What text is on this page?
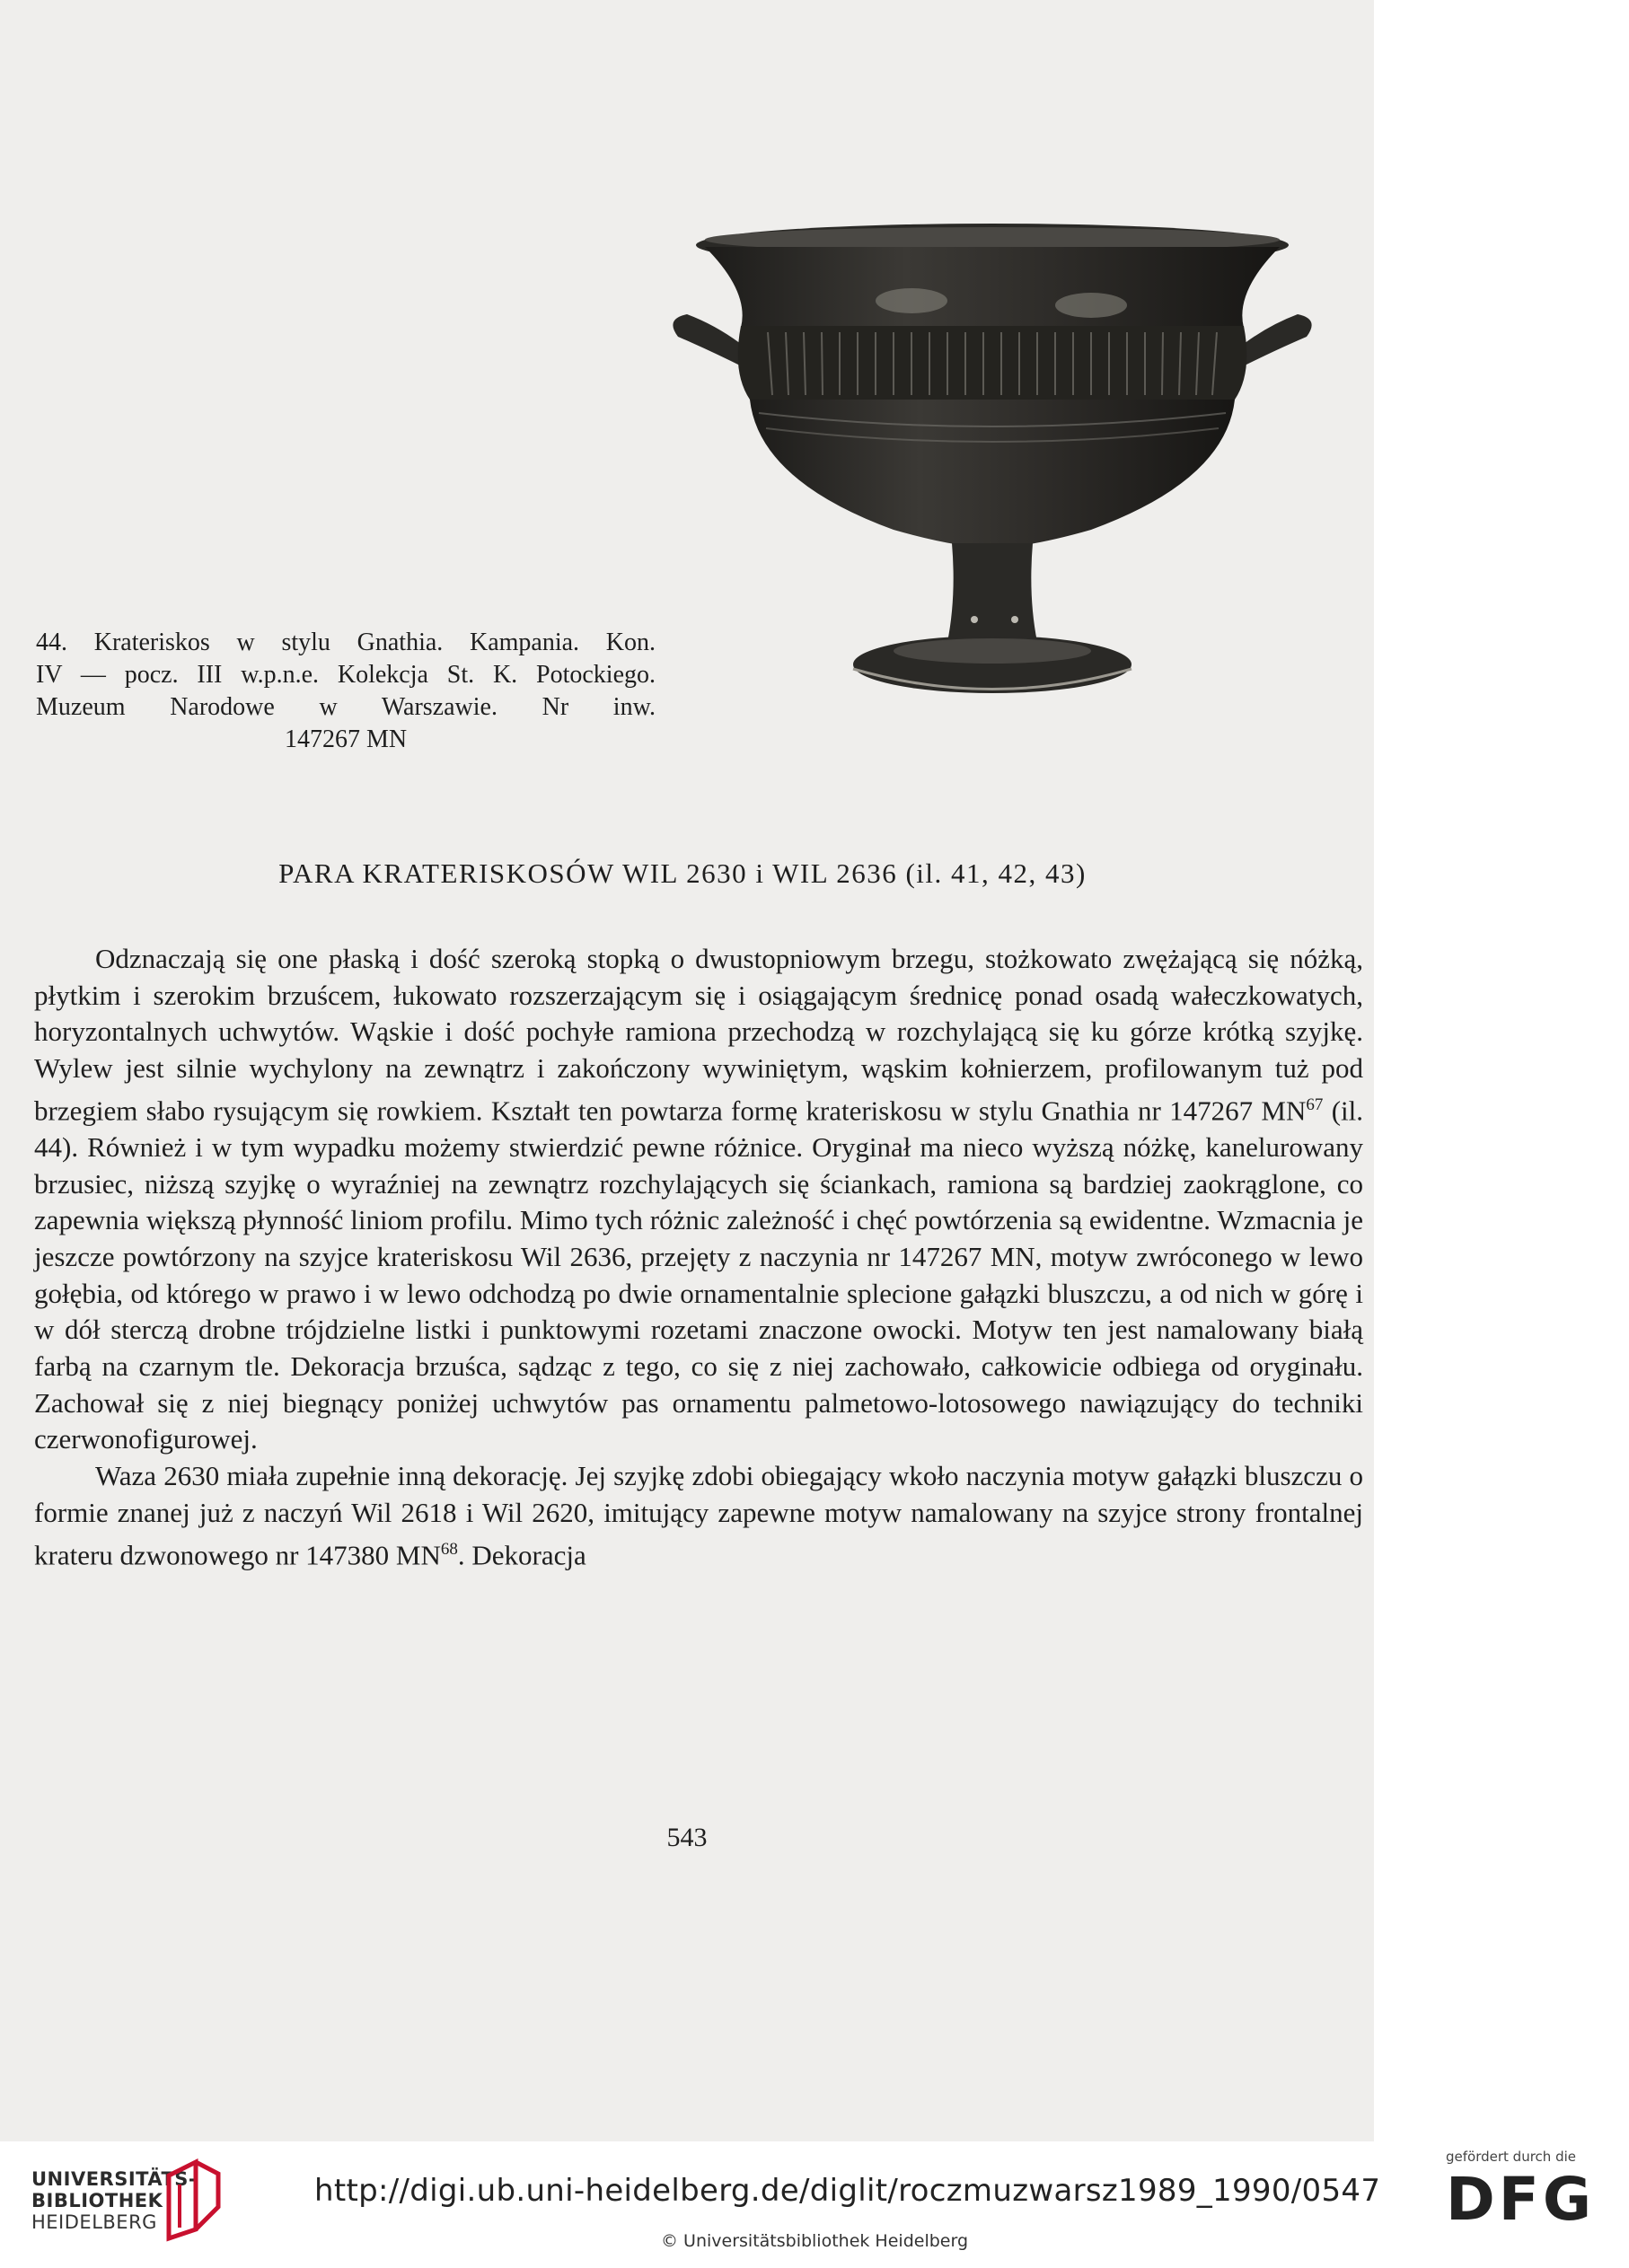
44. Krateriskos w stylu Gnathia. Kampania. Kon.
IV — pocz. III w.p.n.e. Kolekcja St. K. Potockiego.
Muzeum Narodowe w Warszawie. Nr inw.
147267 MN
PARA KRATERISKOSÓW WIL 2630 i WIL 2636 (il. 41, 42, 43)

Odznaczają się one płaską i dość szeroką stopką o dwustopniowym brzegu, stożkowato zwężającą się nóżką, płytkim i szerokim brzuścem, łukowato rozszerzającym się i osiągającym średnicę ponad osadą wałeczkowatych, horyzontalnych uchwytów. Wąskie i dość pochyłe ramiona przechodzą w rozchylającą się ku górze krótką szyjkę. Wylew jest silnie wychylony na zewnątrz i zakończony wywiniętym, wąskim kołnierzem, profilowanym tuż pod brzegiem słabo rysującym się rowkiem. Kształt ten powtarza formę krateriskosu w stylu Gnathia nr 147267 MN$^{67}$ (il. 44). Również i w tym wypadku możemy stwierdzić pewne różnice. Oryginał ma nieco wyższą nóżkę, kanelurowany brzusiec, niższą szyjkę o wyraźniej na zewnątrz rozchylających się ściankach, ramiona są bardziej zaokrąglone, co zapewnia większą płynność liniom profilu. Mimo tych różnic zależność i chęć powtórzenia są ewidentne. Wzmacnia je jeszcze powtórzony na szyjce krateriskosu Wil 2636, przejęty z naczynia nr 147267 MN, motyw zwróconego w lewo gołębia, od którego w prawo i w lewo odchodzą po dwie ornamentalnie splecione gałązki bluszczu, a od nich w górę i w dół sterczą drobne trójdzielne listki i punktowymi rozetami znaczone owocki. Motyw ten jest namalowany białą farbą na czarnym tle. Dekoracja brzuśca, sądząc z tego, co się z niej zachowało, całkowicie odbiega od oryginału. Zachował się z niej biegnący poniżej uchwytów pas ornamentu palmetowo-lotosowego nawiązujący do techniki czerwonofigurowej.

Waza 2630 miała zupełnie inną dekorację. Jej szyjkę zdobi obiegający wkoło naczynia motyw gałązki bluszczu o formie znanej już z naczyń Wil 2618 i Wil 2620, imitujący zapewne motyw namalowany na szyjce strony frontalnej krateru dzwonowego nr 147380 MN$^{68}$. Dekoracja

543
UNIVERSITÄTS-
BIBLIOTHEK
HEIDELBERG
http://digi.ub.uni-heidelberg.de/diglit/roczmuzwarsz1989_1990/0547
© Universitätsbibliothek Heidelberg
gefördert durch die
DFG
